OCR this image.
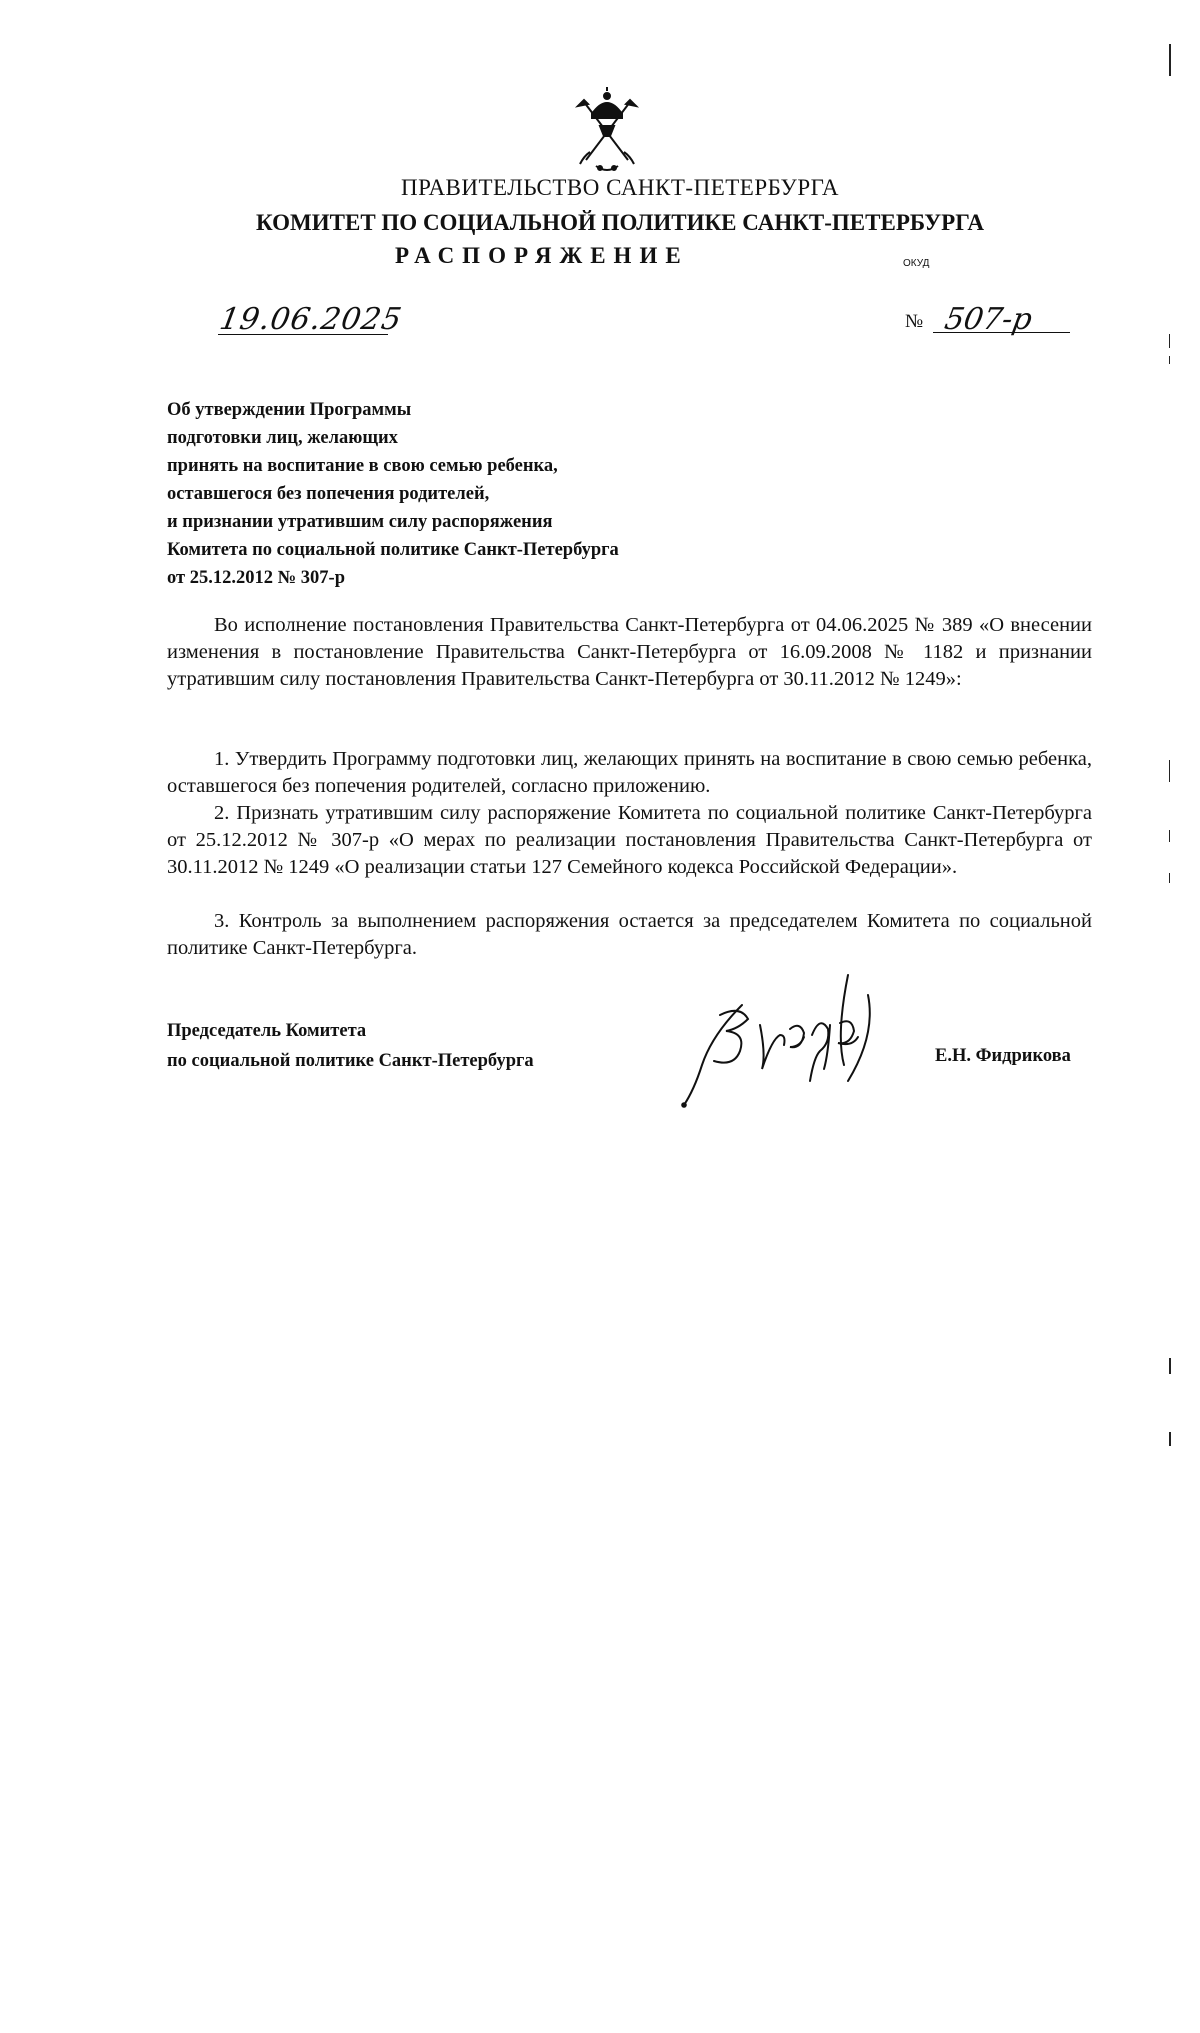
ПРАВИТЕЛЬСТВО САНКТ-ПЕТЕРБУРГА
КОМИТЕТ ПО СОЦИАЛЬНОЙ ПОЛИТИКЕ САНКТ-ПЕТЕРБУРГА
РАСПОРЯЖЕНИЕ	ОКУД
19.06.2025	№ 507-р
Об утверждении Программы
подготовки лиц, желающих
принять на воспитание в свою семью ребенка,
оставшегося без попечения родителей,
и признании утратившим силу распоряжения
Комитета по социальной политике Санкт-Петербурга
от 25.12.2012 № 307-р
Во исполнение постановления Правительства Санкт-Петербурга от 04.06.2025 № 389 «О внесении изменения в постановление Правительства Санкт-Петербурга от 16.09.2008 № 1182 и признании утратившим силу постановления Правительства Санкт-Петербурга от 30.11.2012 № 1249»:
1. Утвердить Программу подготовки лиц, желающих принять на воспитание в свою семью ребенка, оставшегося без попечения родителей, согласно приложению.
2. Признать утратившим силу распоряжение Комитета по социальной политике Санкт-Петербурга от 25.12.2012 № 307-р «О мерах по реализации постановления Правительства Санкт-Петербурга от 30.11.2012 № 1249 «О реализации статьи 127 Семейного кодекса Российской Федерации».
3. Контроль за выполнением распоряжения остается за председателем Комитета по социальной политике Санкт-Петербурга.
Председатель Комитета
по социальной политике Санкт-Петербурга	Е.Н. Фидрикова
